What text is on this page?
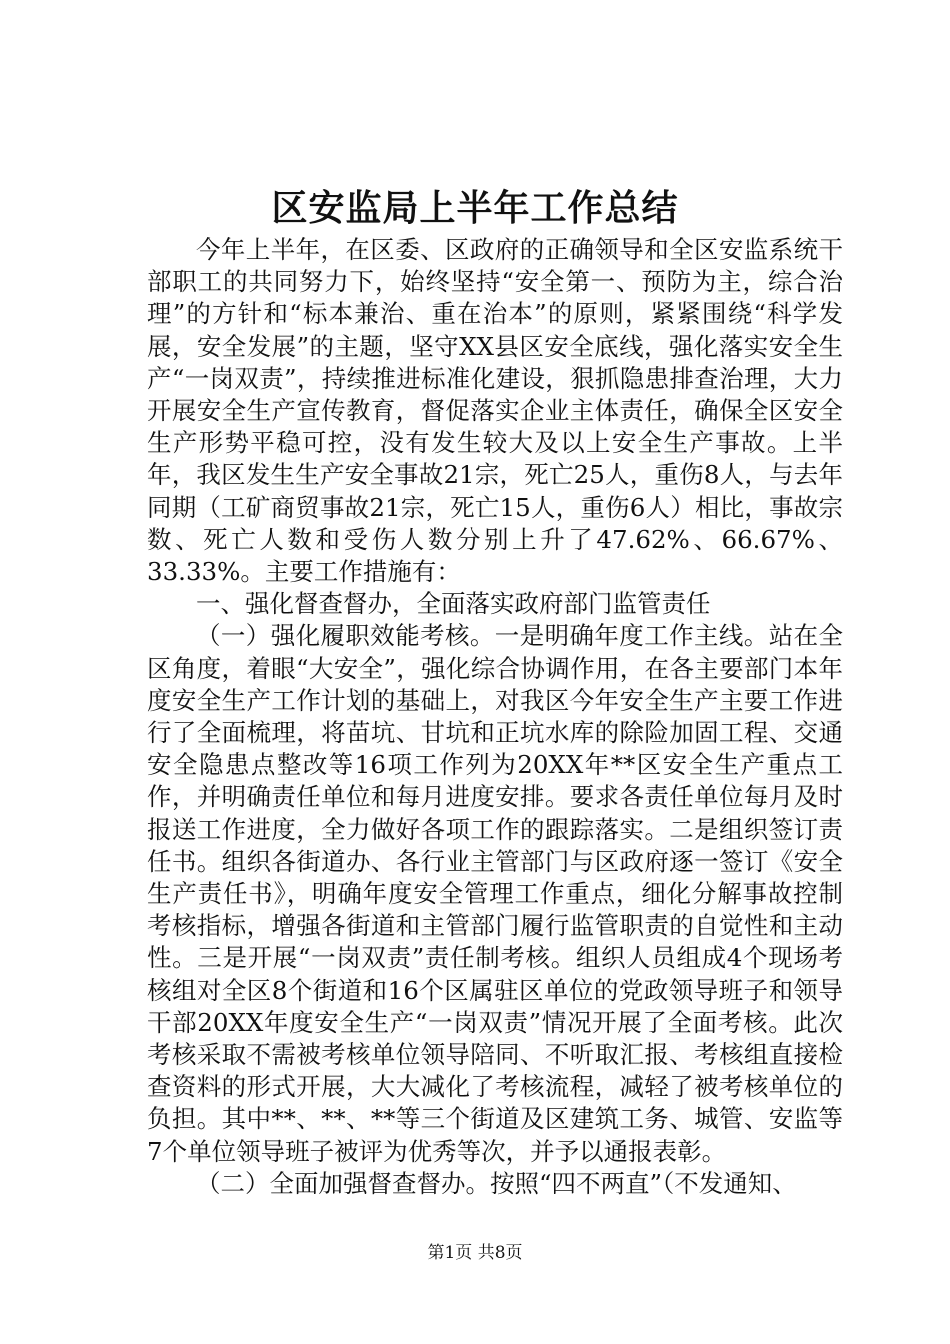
区安监局上半年工作总结

今年上半年，在区委、区政府的正确领导和全区安监系统干部职工的共同努力下，始终坚持“安全第一、预防为主，综合治理”的方针和“标本兼治、重在治本”的原则，紧紧围绕“科学发展，安全发展”的主题，坚守XX县区安全底线，强化落实安全生产“一岗双责”，持续推进标准化建设，狠抓隐患排查治理，大力开展安全生产宣传教育，督促落实企业主体责任，确保全区安全生产形势平稳可控，没有发生较大及以上安全生产事故。上半年，我区发生生产安全事故21宗，死亡25人，重伤8人，与去年同期（工矿商贸事故21宗，死亡15人，重伤6人）相比，事故宗数、死亡人数和受伤人数分别上升了47.62%、66.67%、33.33%。主要工作措施有：

一、强化督查督办，全面落实政府部门监管责任

（一）强化履职效能考核。一是明确年度工作主线。站在全区角度，着眼“大安全”，强化综合协调作用，在各主要部门本年度安全生产工作计划的基础上，对我区今年安全生产主要工作进行了全面梳理，将苗坑、甘坑和正坑水库的除险加固工程、交通安全隐患点整改等16项工作列为20XX年**区安全生产重点工作，并明确责任单位和每月进度安排。要求各责任单位每月及时报送工作进度，全力做好各项工作的跟踪落实。二是组织签订责任书。组织各街道办、各行业主管部门与区政府逐一签订《安全生产责任书》，明确年度安全管理工作重点，细化分解事故控制考核指标，增强各街道和主管部门履行监管职责的自觉性和主动性。三是开展“一岗双责”责任制考核。组织人员组成4个现场考核组对全区8个街道和16个区属驻区单位的党政领导班子和领导干部20XX年度安全生产“一岗双责”情况开展了全面考核。此次考核采取不需被考核单位领导陪同、不听取汇报、考核组直接检查资料的形式开展，大大减化了考核流程，减轻了被考核单位的负担。其中**、**、**等三个街道及区建筑工务、城管、安监等7个单位领导班子被评为优秀等次，并予以通报表彰。

（二）全面加强督查督办。按照“四不两直”（不发通知、

第1页 共8页
